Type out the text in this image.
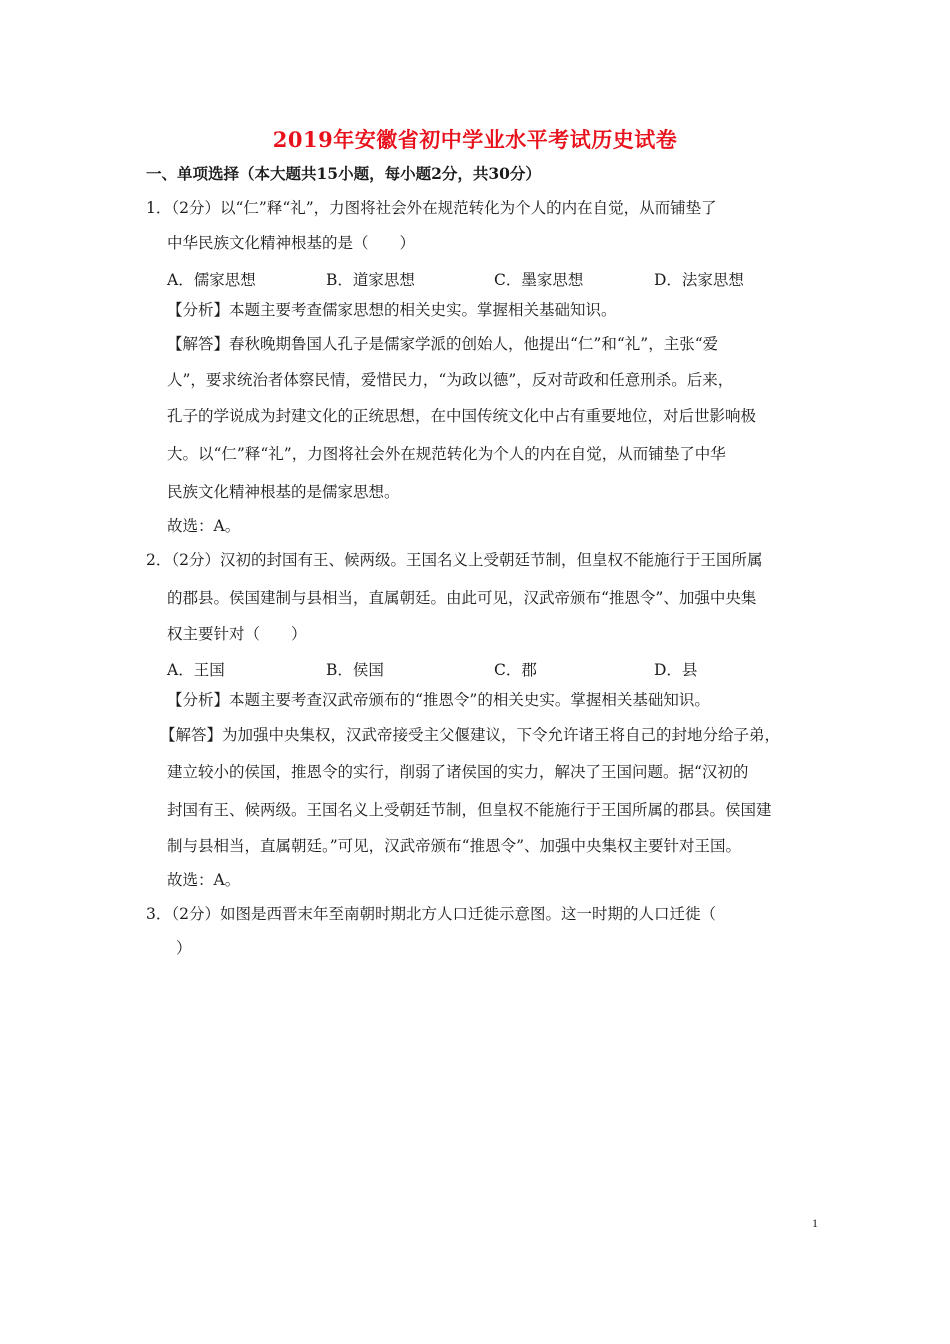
2019年安徽省初中学业水平考试历史试卷
一、单项选择（本大题共15小题，每小题2分，共30分）
1．（2分）以“仁”释“礼”，力图将社会外在规范转化为个人的内在自觉，从而铺垫了
中华民族文化精神根基的是（　　）
A．儒家思想	B．道家思想	C．墨家思想	D．法家思想
【分析】本题主要考查儒家思想的相关史实。掌握相关基础知识。
【解答】春秋晚期鲁国人孔子是儒家学派的创始人，他提出“仁”和“礼”，主张“爱
人”，要求统治者体察民情，爱惜民力，“为政以德”，反对苛政和任意刑杀。后来，
孔子的学说成为封建文化的正统思想，在中国传统文化中占有重要地位，对后世影响极
大。以“仁”释“礼”，力图将社会外在规范转化为个人的内在自觉，从而铺垫了中华
民族文化精神根基的是儒家思想。
故选：A。
2．（2分）汉初的封国有王、候两级。王国名义上受朝廷节制，但皇权不能施行于王国所属
的郡县。侯国建制与县相当，直属朝廷。由此可见，汉武帝颁布“推恩令”、加强中央集
权主要针对（　　）
A．王国	B．侯国	C．郡	D．县
【分析】本题主要考查汉武帝颁布的“推恩令”的相关史实。掌握相关基础知识。
【解答】为加强中央集权，汉武帝接受主父偃建议，下令允许诸王将自己的封地分给子弟，
建立较小的侯国，推恩令的实行，削弱了诸侯国的实力，解决了王国问题。据“汉初的
封国有王、候两级。王国名义上受朝廷节制，但皇权不能施行于王国所属的郡县。侯国建
制与县相当，直属朝廷。”可见，汉武帝颁布“推恩令”、加强中央集权主要针对王国。
故选：A。
3．（2分）如图是西晋末年至南朝时期北方人口迁徙示意图。这一时期的人口迁徙（
）
1
